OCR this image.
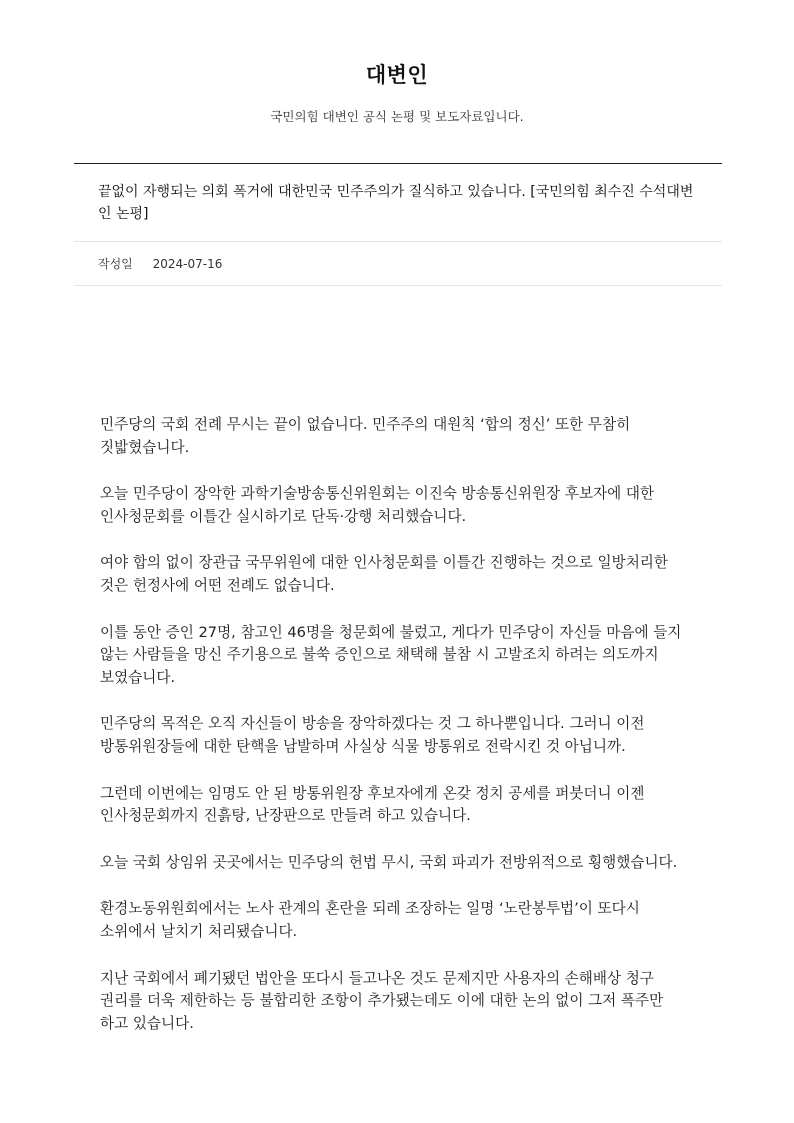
대변인

국민의힘 대변인 공식 논평 및 보도자료입니다.

끝없이 자행되는 의회 폭거에 대한민국 민주주의가 질식하고 있습니다. [국민의힘 최수진 수석대변인 논평]
작성일 2024-07-16

민주당의 국회 전례 무시는 끝이 없습니다. 민주주의 대원칙 ‘합의 정신’ 또한 무참히 짓밟혔습니다.

오늘 민주당이 장악한 과학기술방송통신위원회는 이진숙 방송통신위원장 후보자에 대한 인사청문회를 이틀간 실시하기로 단독·강행 처리했습니다.

여야 합의 없이 장관급 국무위원에 대한 인사청문회를 이틀간 진행하는 것으로 일방처리한 것은 헌정사에 어떤 전례도 없습니다.

이틀 동안 증인 27명, 참고인 46명을 청문회에 불렀고, 게다가 민주당이 자신들 마음에 들지 않는 사람들을 망신 주기용으로 불쑥 증인으로 채택해 불참 시 고발조치 하려는 의도까지 보였습니다.

민주당의 목적은 오직 자신들이 방송을 장악하겠다는 것 그 하나뿐입니다. 그러니 이전 방통위원장들에 대한 탄핵을 남발하며 사실상 식물 방통위로 전락시킨 것 아닙니까.

그런데 이번에는 임명도 안 된 방통위원장 후보자에게 온갖 정치 공세를 퍼붓더니 이젠 인사청문회까지 진흙탕, 난장판으로 만들려 하고 있습니다.

오늘 국회 상임위 곳곳에서는 민주당의 헌법 무시, 국회 파괴가 전방위적으로 횡행했습니다.

환경노동위원회에서는 노사 관계의 혼란을 되레 조장하는 일명 ‘노란봉투법’이 또다시 소위에서 날치기 처리됐습니다.

지난 국회에서 폐기됐던 법안을 또다시 들고나온 것도 문제지만 사용자의 손해배상 청구 권리를 더욱 제한하는 등 불합리한 조항이 추가됐는데도 이에 대한 논의 없이 그저 폭주만 하고 있습니다.
